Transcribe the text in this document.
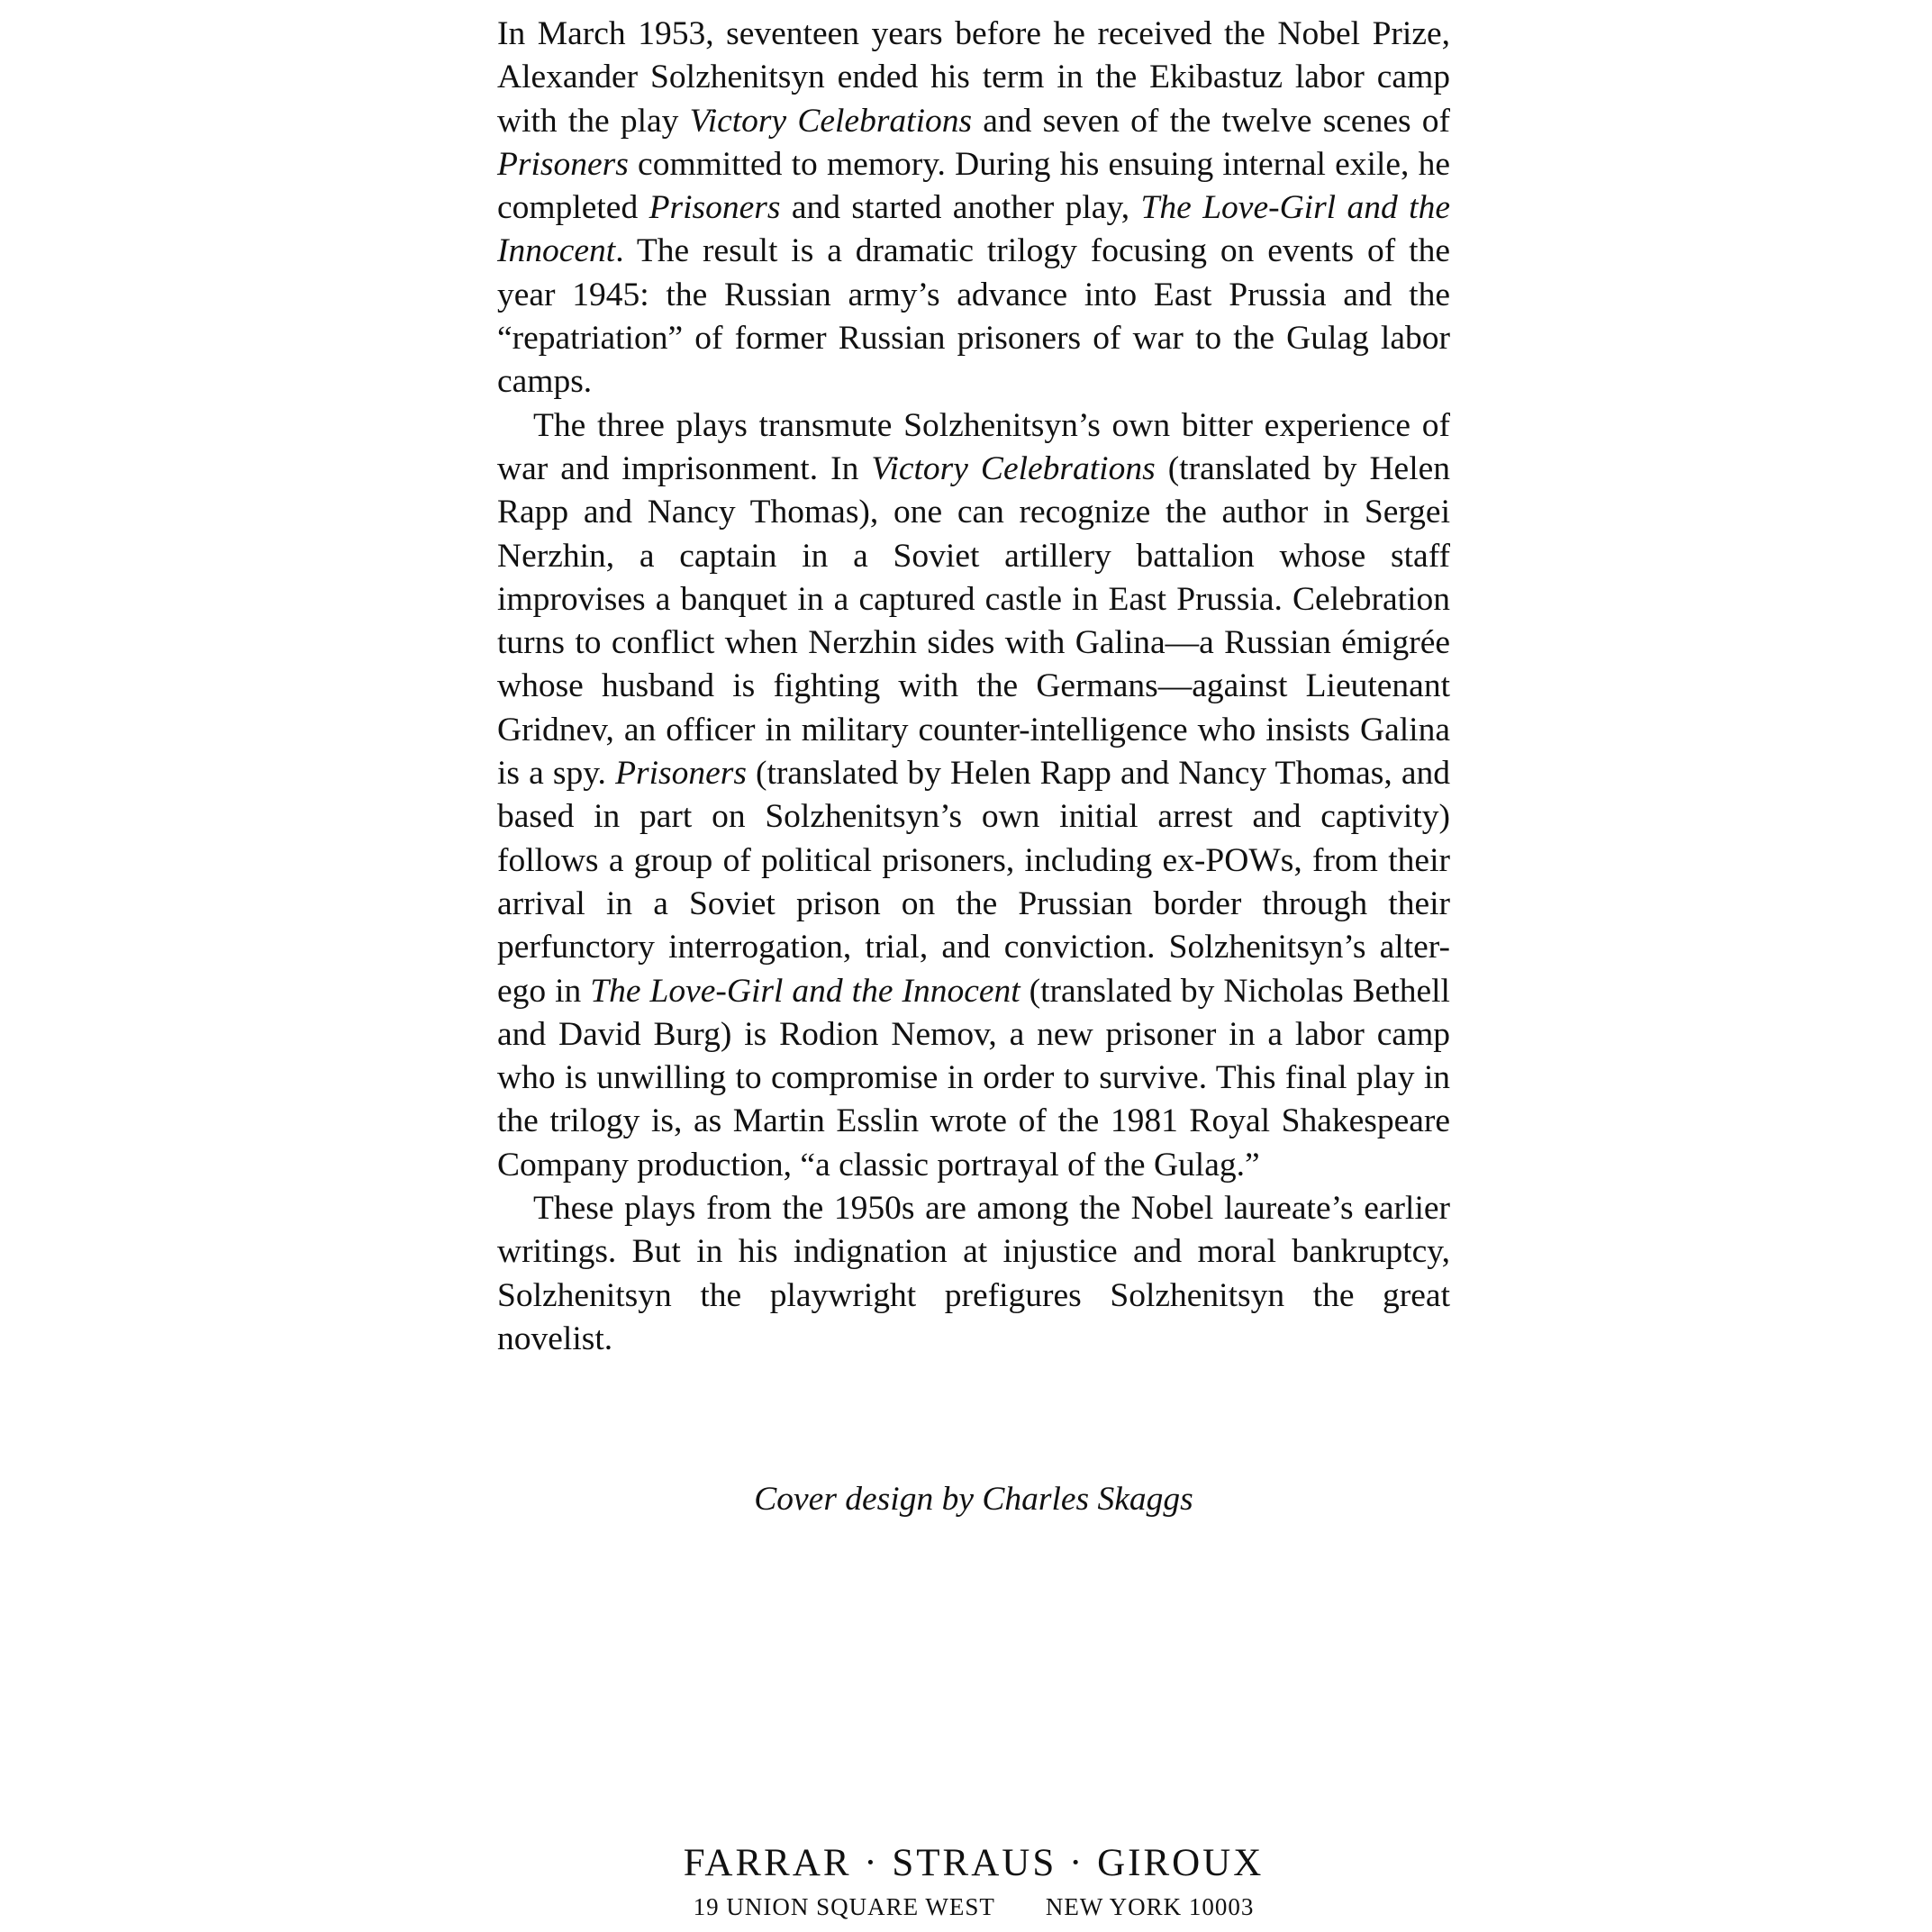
In March 1953, seventeen years before he received the Nobel Prize, Alexander Solzhenitsyn ended his term in the Ekibastuz labor camp with the play Victory Celebrations and seven of the twelve scenes of Prisoners committed to memory. During his ensuing internal exile, he completed Prisoners and started another play, The Love-Girl and the Innocent. The result is a dramatic trilogy focusing on events of the year 1945: the Russian army’s advance into East Prussia and the “repatriation” of former Russian prisoners of war to the Gulag labor camps.

The three plays transmute Solzhenitsyn’s own bitter experience of war and imprisonment. In Victory Celebrations (translated by Helen Rapp and Nancy Thomas), one can recognize the author in Sergei Nerzhin, a captain in a Soviet artillery battalion whose staff improvises a banquet in a captured castle in East Prussia. Celebration turns to conflict when Nerzhin sides with Galina—a Russian émigrée whose husband is fighting with the Germans—against Lieutenant Gridnev, an officer in military counter-intelligence who insists Galina is a spy. Prisoners (translated by Helen Rapp and Nancy Thomas, and based in part on Solzhenitsyn’s own initial arrest and captivity) follows a group of political prisoners, including ex-POWs, from their arrival in a Soviet prison on the Prussian border through their perfunctory interrogation, trial, and conviction. Solzhenitsyn’s alter-ego in The Love-Girl and the Innocent (translated by Nicholas Bethell and David Burg) is Rodion Nemov, a new prisoner in a labor camp who is unwilling to compromise in order to survive. This final play in the trilogy is, as Martin Esslin wrote of the 1981 Royal Shakespeare Company production, “a classic portrayal of the Gulag.”

These plays from the 1950s are among the Nobel laureate’s earlier writings. But in his indignation at injustice and moral bankruptcy, Solzhenitsyn the playwright prefigures Solzhenitsyn the great novelist.

Cover design by Charles Skaggs
FARRAR · STRAUS · GIROUX
19 UNION SQUARE WEST  NEW YORK 10003
